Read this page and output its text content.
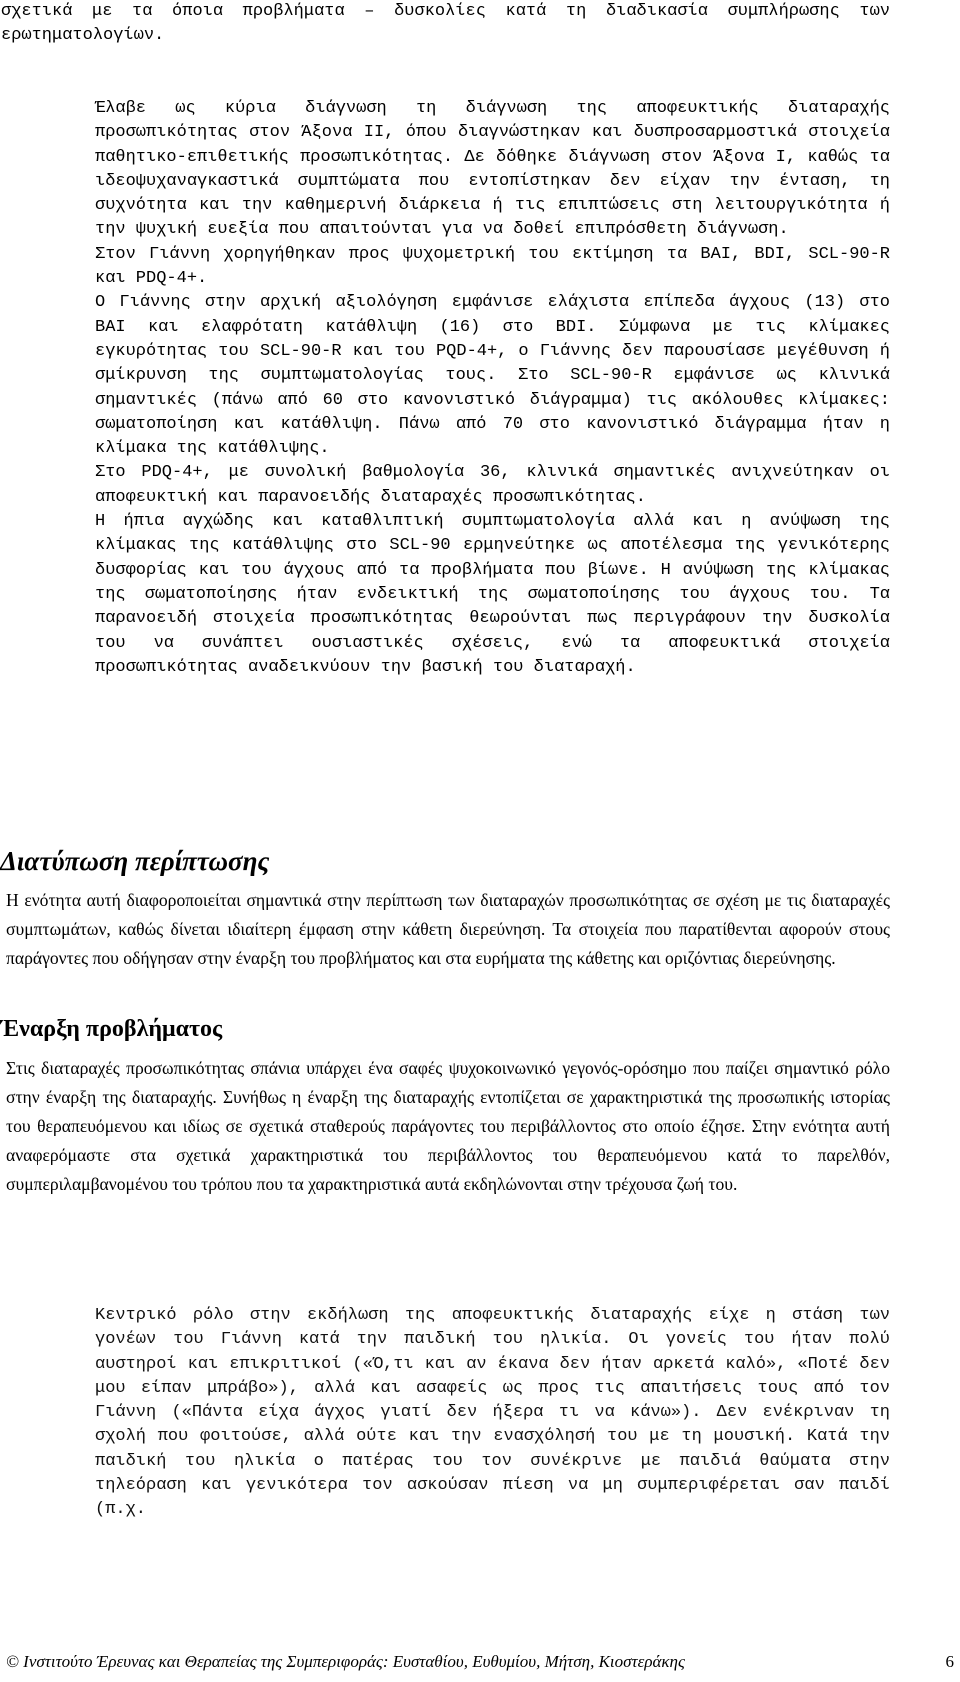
σχετικά με τα όποια προβλήματα – δυσκολίες κατά τη διαδικασία συμπλήρωσης των ερωτηματολογίων.

Έλαβε ως κύρια διάγνωση τη διάγνωση της αποφευκτικής διαταραχής προσωπικότητας στον Άξονα ΙΙ, όπου διαγνώστηκαν και δυσπροσαρμοστικά στοιχεία παθητικο-επιθετικής προσωπικότητας. Δε δόθηκε διάγνωση στον Άξονα Ι, καθώς τα ιδεοψυχαναγκαστικά συμπτώματα που εντοπίστηκαν δεν είχαν την ένταση, τη συχνότητα και την καθημερινή διάρκεια ή τις επιπτώσεις στη λειτουργικότητα ή την ψυχική ευεξία που απαιτούνται για να δοθεί επιπρόσθετη διάγνωση.

Στον Γιάννη χορηγήθηκαν προς ψυχομετρική του εκτίμηση τα BAI, BDI, SCL-90-R και PDQ-4+.

Ο Γιάννης στην αρχική αξιολόγηση εμφάνισε ελάχιστα επίπεδα άγχους (13) στο BAI και ελαφρότατη κατάθλιψη (16) στο BDI. Σύμφωνα με τις κλίμακες εγκυρότητας του SCL-90-R και του PQD-4+, ο Γιάννης δεν παρουσίασε μεγέθυνση ή σμίκρυνση της συμπτωματολογίας τους. Στο SCL-90-R εμφάνισε ως κλινικά σημαντικές (πάνω από 60 στο κανονιστικό διάγραμμα) τις ακόλουθες κλίμακες: σωματοποίηση και κατάθλιψη. Πάνω από 70 στο κανονιστικό διάγραμμα ήταν η κλίμακα της κατάθλιψης.

Στο PDQ-4+, με συνολική βαθμολογία 36, κλινικά σημαντικές ανιχνεύτηκαν οι αποφευκτική και παρανοειδής διαταραχές προσωπικότητας.

Η ήπια αγχώδης και καταθλιπτική συμπτωματολογία αλλά και η ανύψωση της κλίμακας της κατάθλιψης στο SCL-90 ερμηνεύτηκε ως αποτέλεσμα της γενικότερης δυσφορίας και του άγχους από τα προβλήματα που βίωνε. Η ανύψωση της κλίμακας της σωματοποίησης ήταν ενδεικτική της σωματοποίησης του άγχους του. Τα παρανοειδή στοιχεία προσωπικότητας θεωρούνται πως περιγράφουν την δυσκολία του να συνάπτει ουσιαστικές σχέσεις, ενώ τα αποφευκτικά στοιχεία προσωπικότητας αναδεικνύουν την βασική του διαταραχή.

Διατύπωση περίπτωσης

Η ενότητα αυτή διαφοροποιείται σημαντικά στην περίπτωση των διαταραχών προσωπικότητας σε σχέση με τις διαταραχές συμπτωμάτων, καθώς δίνεται ιδιαίτερη έμφαση στην κάθετη διερεύνηση. Τα στοιχεία που παρατίθενται αφορούν στους παράγοντες που οδήγησαν στην έναρξη του προβλήματος και στα ευρήματα της κάθετης και οριζόντιας διερεύνησης.

Έναρξη προβλήματος

Στις διαταραχές προσωπικότητας σπάνια υπάρχει ένα σαφές ψυχοκοινωνικό γεγονός-ορόσημο που παίζει σημαντικό ρόλο στην έναρξη της διαταραχής. Συνήθως η έναρξη της διαταραχής εντοπίζεται σε χαρακτηριστικά της προσωπικής ιστορίας του θεραπευόμενου και ιδίως σε σχετικά σταθερούς παράγοντες του περιβάλλοντος στο οποίο έζησε. Στην ενότητα αυτή αναφερόμαστε στα σχετικά χαρακτηριστικά του περιβάλλοντος του θεραπευόμενου κατά το παρελθόν, συμπεριλαμβανομένου του τρόπου που τα χαρακτηριστικά αυτά εκδηλώνονται στην τρέχουσα ζωή του.

Κεντρικό ρόλο στην εκδήλωση της αποφευκτικής διαταραχής είχε η στάση των γονέων του Γιάννη κατά την παιδική του ηλικία. Οι γονείς του ήταν πολύ αυστηροί και επικριτικοί («Ό,τι και αν έκανα δεν ήταν αρκετά καλό», «Ποτέ δεν μου είπαν μπράβο»), αλλά και ασαφείς ως προς τις απαιτήσεις τους από τον Γιάννη («Πάντα είχα άγχος γιατί δεν ήξερα τι να κάνω»). Δεν ενέκριναν τη σχολή που φοιτούσε, αλλά ούτε και την ενασχόλησή του με τη μουσική. Κατά την παιδική του ηλικία ο πατέρας του τον συνέκρινε με παιδιά θαύματα στην τηλεόραση και γενικότερα τον ασκούσαν πίεση να μη συμπεριφέρεται σαν παιδί (π.χ.

© Ινστιτούτο Έρευνας και Θεραπείας της Συμπεριφοράς: Ευσταθίου, Ευθυμίου, Μήτση, Κιοστεράκης	6
